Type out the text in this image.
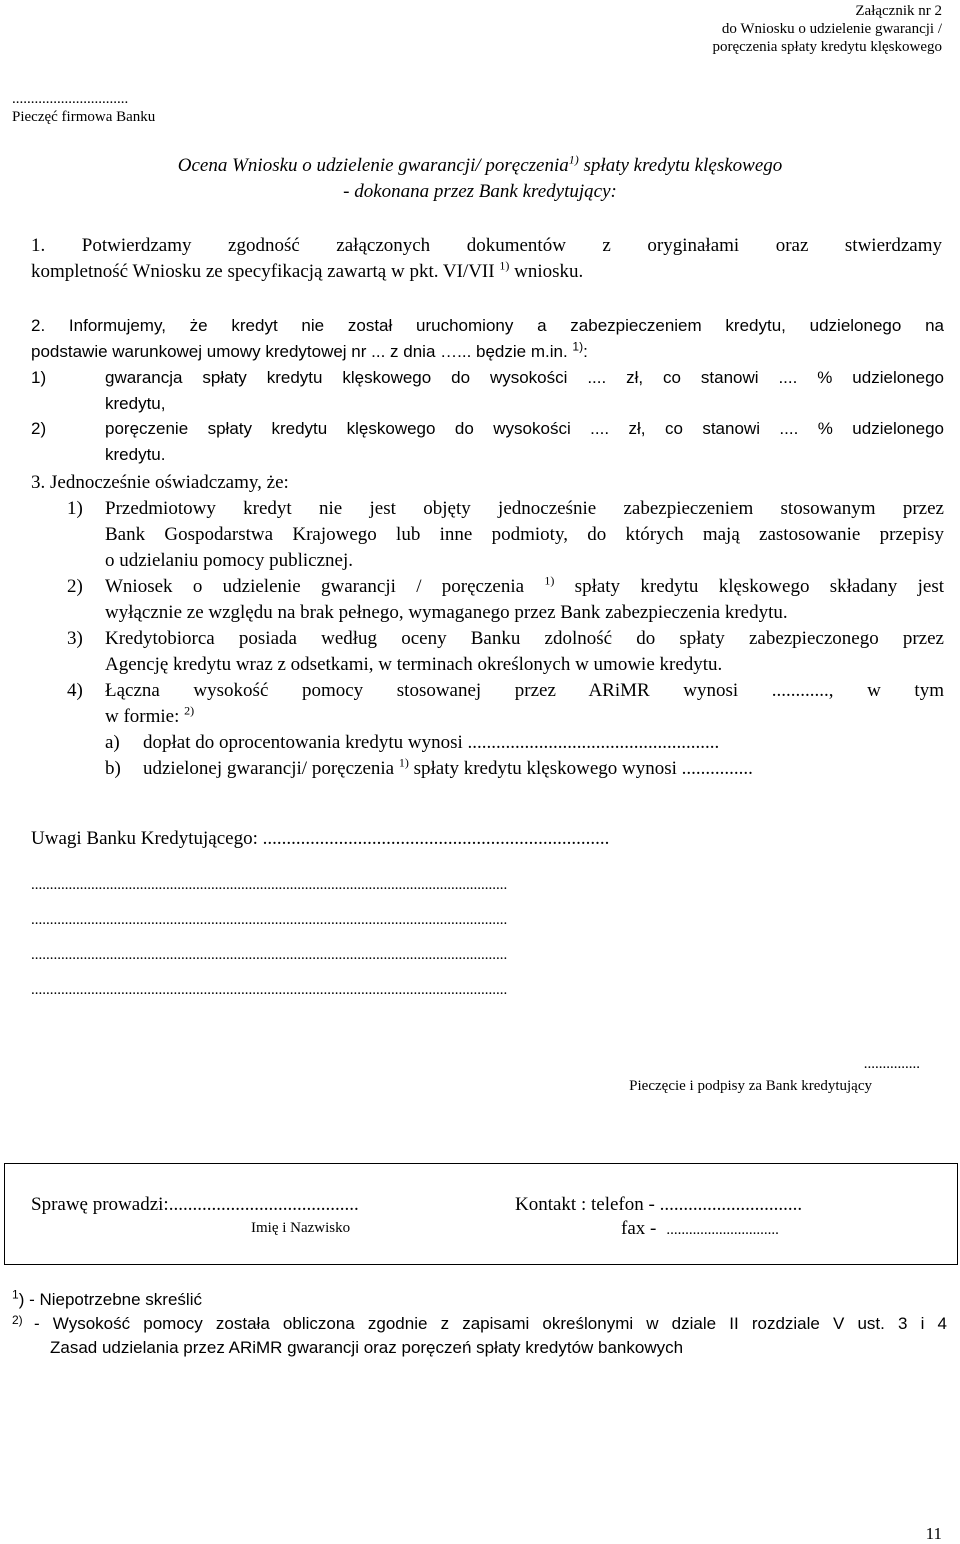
Załącznik nr 2
do Wniosku o udzielenie gwarancji /
poręczenia spłaty kredytu klęskowego
...............................
Pieczęć firmowa Banku
Ocena Wniosku o udzielenie gwarancji/ poręczenia$^{1)}$ spłaty kredytu klęskowego
- dokonana przez Bank kredytujący:
1. Potwierdzamy zgodność załączonych dokumentów z oryginałami oraz stwierdzamy
kompletność Wniosku ze specyfikacją zawartą w pkt. VI/VII $^{1)}$ wniosku.
2. Informujemy, że kredyt nie został uruchomiony a zabezpieczeniem kredytu, udzielonego na
podstawie warunkowej umowy kredytowej nr ... z dnia …... będzie m.in. $^{1)}$:
1)	gwarancja spłaty kredytu klęskowego do wysokości .... zł, co stanowi .... % udzielonego
kredytu,
2)	poręczenie spłaty kredytu klęskowego do wysokości .... zł, co stanowi .... % udzielonego
kredytu.
3. Jednocześnie oświadczamy, że:
1) Przedmiotowy kredyt nie jest objęty jednocześnie zabezpieczeniem stosowanym przez
Bank Gospodarstwa Krajowego lub inne podmioty, do których mają zastosowanie przepisy
o udzielaniu pomocy publicznej.
2) Wniosek o udzielenie gwarancji / poręczenia $^{1)}$ spłaty kredytu klęskowego składany jest
wyłącznie ze względu na brak pełnego, wymaganego przez Bank zabezpieczenia kredytu.
3) Kredytobiorca posiada według oceny Banku zdolność do spłaty zabezpieczonego przez
Agencję kredytu wraz z odsetkami, w terminach określonych w umowie kredytu.
4) Łączna wysokość pomocy stosowanej przez ARiMR wynosi ............, w tym
w formie: $^{2)}$
a) dopłat do oprocentowania kredytu wynosi .....................................................
b) udzielonej gwarancji/ poręczenia $^{1)}$ spłaty kredytu klęskowego wynosi ...............
Uwagi Banku Kredytującego: .........................................................................
...............................................................................................................................
...............................................................................................................................
...............................................................................................................................
...............................................................................................................................
...............
Pieczęcie i podpisy za Bank kredytujący
Sprawę prowadzi:........................................
Imię i Nazwisko
Kontakt : telefon - ..............................
fax - ..............................
$^1$) - Niepotrzebne skreślić
2) - Wysokość pomocy została obliczona zgodnie z zapisami określonymi w dziale II rozdziale V ust. 3 i 4
Zasad udzielania przez ARiMR gwarancji oraz poręczeń spłaty kredytów bankowych
11
